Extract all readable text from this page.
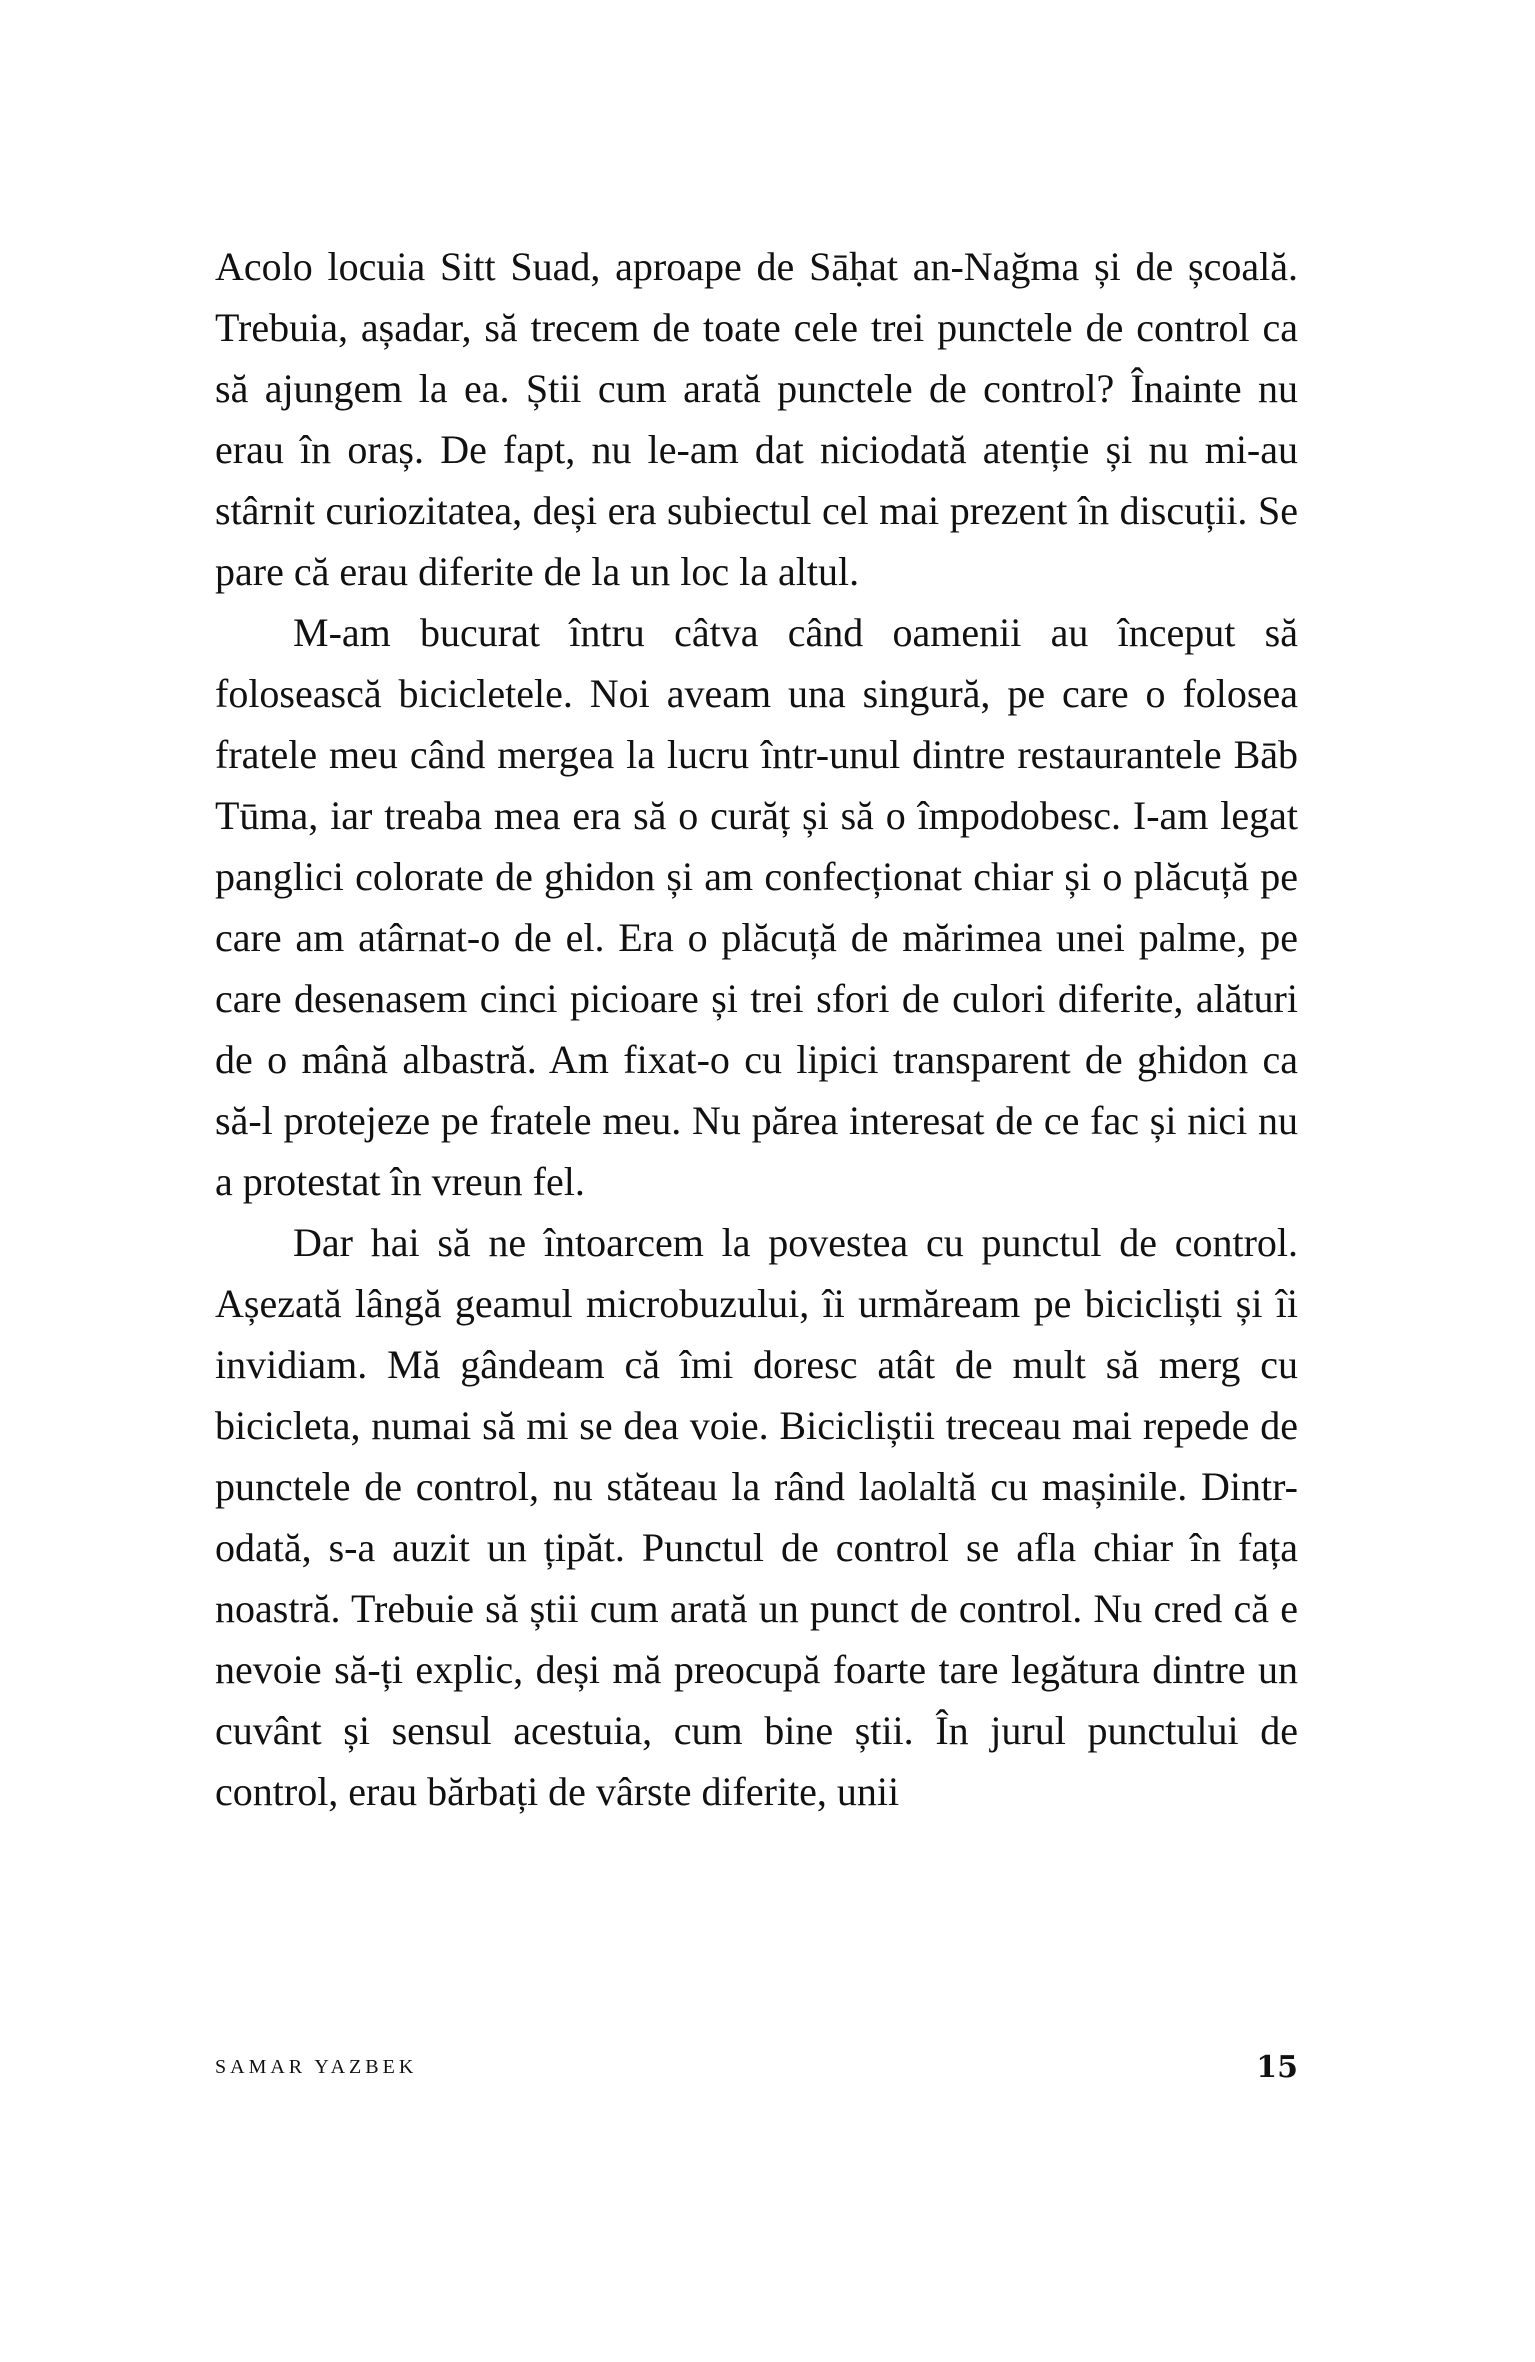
Acolo locuia Sitt Suad, aproape de Sāḥat an-Nağma și de școală. Trebuia, așadar, să trecem de toate cele trei punctele de control ca să ajungem la ea. Știi cum arată punctele de control? Înainte nu erau în oraș. De fapt, nu le-am dat niciodată atenție și nu mi-au stârnit curiozitatea, deși era subiectul cel mai prezent în discuții. Se pare că erau diferite de la un loc la altul.

M-am bucurat întru câtva când oamenii au început să folosească bicicletele. Noi aveam una singură, pe care o folosea fratele meu când mergea la lucru într-unul dintre restaurantele Bāb Tūma, iar treaba mea era să o curăț și să o împodobesc. I-am legat panglici colorate de ghidon și am confecționat chiar și o plăcuță pe care am atârnat-o de el. Era o plăcuță de mărimea unei palme, pe care desenasem cinci picioare și trei sfori de culori diferite, alături de o mână albastră. Am fixat-o cu lipici transparent de ghidon ca să-l protejeze pe fratele meu. Nu părea interesat de ce fac și nici nu a protestat în vreun fel.

Dar hai să ne întoarcem la povestea cu punctul de control. Așezată lângă geamul microbuzului, îi urmăream pe bicicliști și îi invidiam. Mă gândeam că îmi doresc atât de mult să merg cu bicicleta, numai să mi se dea voie. Bicicliștii treceau mai repede de punctele de control, nu stăteau la rând laolaltă cu mașinile. Dintr-odată, s-a auzit un țipăt. Punctul de control se afla chiar în fața noastră. Trebuie să știi cum arată un punct de control. Nu cred că e nevoie să-ți explic, deși mă preocupă foarte tare legătura dintre un cuvânt și sensul acestuia, cum bine știi. În jurul punctului de control, erau bărbați de vârste diferite, unii

SAMAR YAZBEK	15
